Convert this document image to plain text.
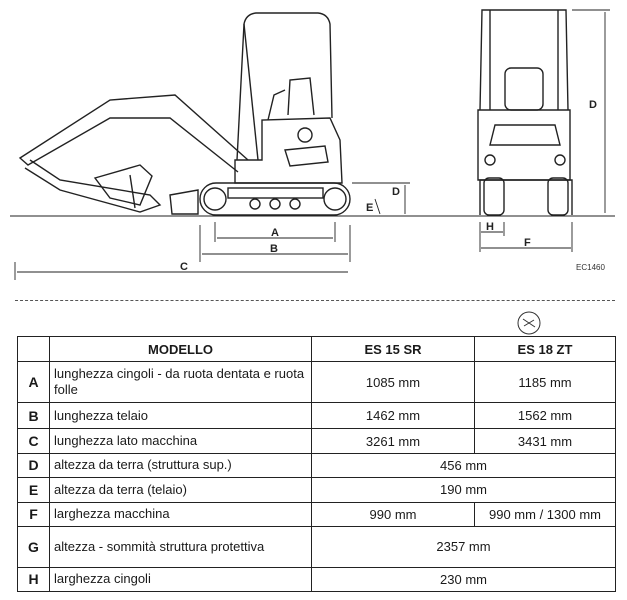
A
B
C
D
E
H
F
D
EC1460
	MODELLO	ES 15 SR	ES 18 ZT
A	lunghezza cingoli - da ruota dentata e ruota folle	1085 mm	1185 mm
B	lunghezza telaio	1462 mm	1562 mm
C	lunghezza lato macchina	3261 mm	3431 mm
D	altezza da terra (struttura sup.)	456 mm	
E	altezza da terra (telaio)	190 mm	
F	larghezza macchina	990 mm	990 mm / 1300 mm
G	altezza - sommità struttura protettiva	2357 mm	
H	larghezza cingoli	230 mm	
